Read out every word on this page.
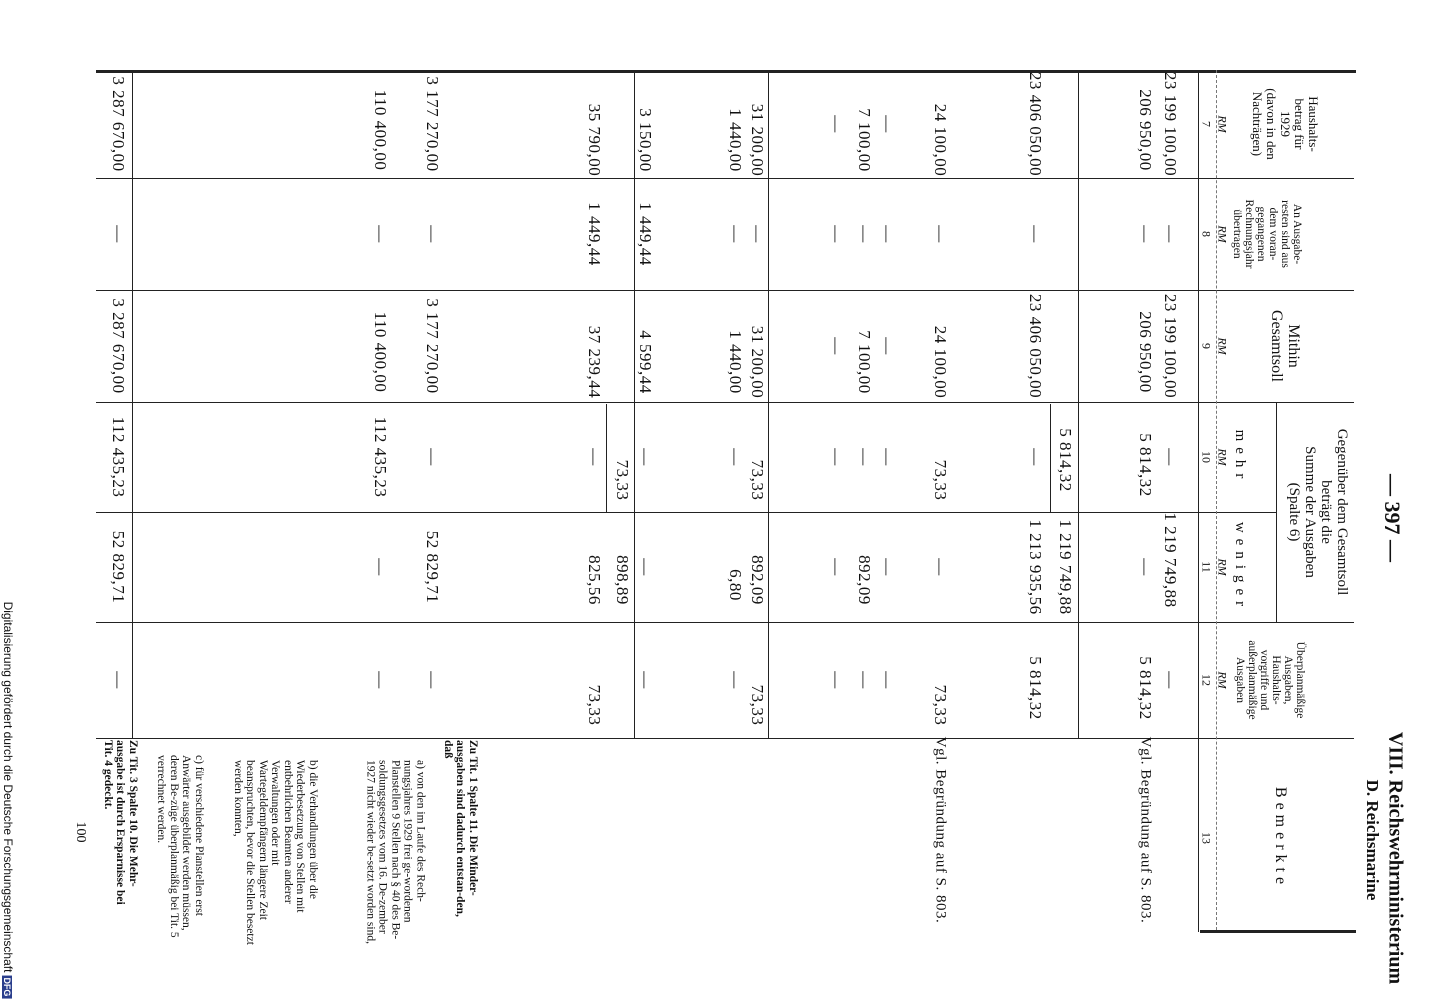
VIII. Reichswehrministerium
D. Reichsmarine
— 397 —
100
Digitalisierung gefördert durch die Deutsche ForschungsgemeinschaftDFG
Haushalts-
betrag für
1929
(davon in den
Nachträgen)
An Ausgabe-
resten sind aus
dem voran-
gegangenen
Rechnungsjahr
übertragen
Mithin
Gesamtsoll
Gegenüber dem Gesamtsoll
beträgt die
Summe der Ausgaben
(Spalte 6)
mehr
weniger
Überplanmäßige
Ausgaben,
Haushalts-
vorgriffe und
außerplanmäßige
Ausgaben
Bemerkte
RM
7
RM
8
RM
9
RM
10
RM
11
RM
12
13
23 199 100,00
206 950,00
—
—
23 199 100,00
206 950,00
—
5 814,32
1 219 749,88
—
—
5 814,32
Vgl. Begründung auf S. 803.
23 406 050,00
—
23 406 050,00
5 814,32
—
1 219 749,88
1 213 935,56
5 814,32
24 100,00
—
24 100,00
73,33
—
73,33
Vgl. Begründung auf S. 803.
—
7 100,00
—
—
—
—
—
7 100,00
—
—
—
—
—
892,09
—
—
—
—
31 200,00
1 440,00
—
—
31 200,00
1 440,00
73,33
—
892,09
6,80
73,33
—
3 150,00
1 449,44
4 599,44
—
—
—
35 790,00
1 449,44
37 239,44
73,33
—
898,89
825,56
73,33
3 177 270,00
110 400,00
—
—
3 177 270,00
110 400,00
—
112 435,23
52 829,71
—
—
—
3 287 670,00
—
3 287 670,00
112 435,23
52 829,71
—
Zu Tit. 1 Spalte 11. Die Minder-ausgaben sind dadurch entstan-den, daß
a) von den im Laufe des Rech-nungsjahres 1929 frei ge-wordenen Planstellen 9 Stellen nach § 40 des Be-soldungsgesetzes vom 16. De-zember 1927 nicht wieder be-setzt worden sind,
b) die Verhandlungen über die Wiederbesetzung von Stellen mit entbehrlichen Beamten anderer Verwaltungen oder mit Wartegeldempfängern längere Zeit beanspruchten, bevor die Stellen besetzt werden konnten,
c) für verschiedene Planstellen erst Anwärter ausgebildet werden müssen, deren Be-züge überplanmäßig bei Tit. 5 verrechnet werden.
Zu Tit. 3 Spalte 10. Die Mehr-ausgabe ist durch Ersparnisse bei Tit. 4 gedeckt.
